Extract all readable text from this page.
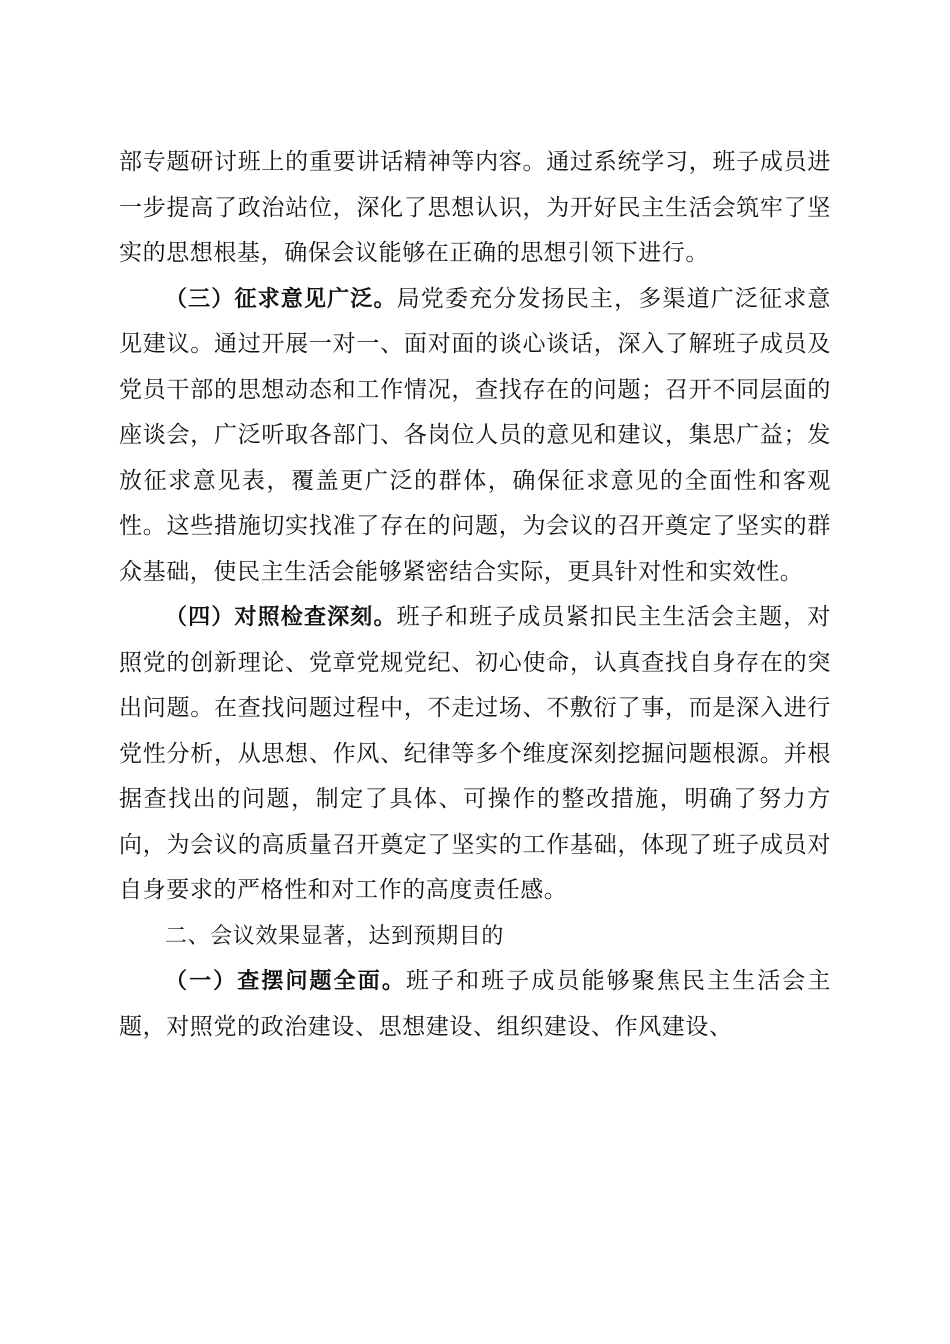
部专题研讨班上的重要讲话精神等内容。通过系统学习，班子成员进一步提高了政治站位，深化了思想认识，为开好民主生活会筑牢了坚实的思想根基，确保会议能够在正确的思想引领下进行。

（三）征求意见广泛。局党委充分发扬民主，多渠道广泛征求意见建议。通过开展一对一、面对面的谈心谈话，深入了解班子成员及党员干部的思想动态和工作情况，查找存在的问题；召开不同层面的座谈会，广泛听取各部门、各岗位人员的意见和建议，集思广益；发放征求意见表，覆盖更广泛的群体，确保征求意见的全面性和客观性。这些措施切实找准了存在的问题，为会议的召开奠定了坚实的群众基础，使民主生活会能够紧密结合实际，更具针对性和实效性。

（四）对照检查深刻。班子和班子成员紧扣民主生活会主题，对照党的创新理论、党章党规党纪、初心使命，认真查找自身存在的突出问题。在查找问题过程中，不走过场、不敷衍了事，而是深入进行党性分析，从思想、作风、纪律等多个维度深刻挖掘问题根源。并根据查找出的问题，制定了具体、可操作的整改措施，明确了努力方向，为会议的高质量召开奠定了坚实的工作基础，体现了班子成员对自身要求的严格性和对工作的高度责任感。

二、会议效果显著，达到预期目的

（一）查摆问题全面。班子和班子成员能够聚焦民主生活会主题，对照党的政治建设、思想建设、组织建设、作风建设、
